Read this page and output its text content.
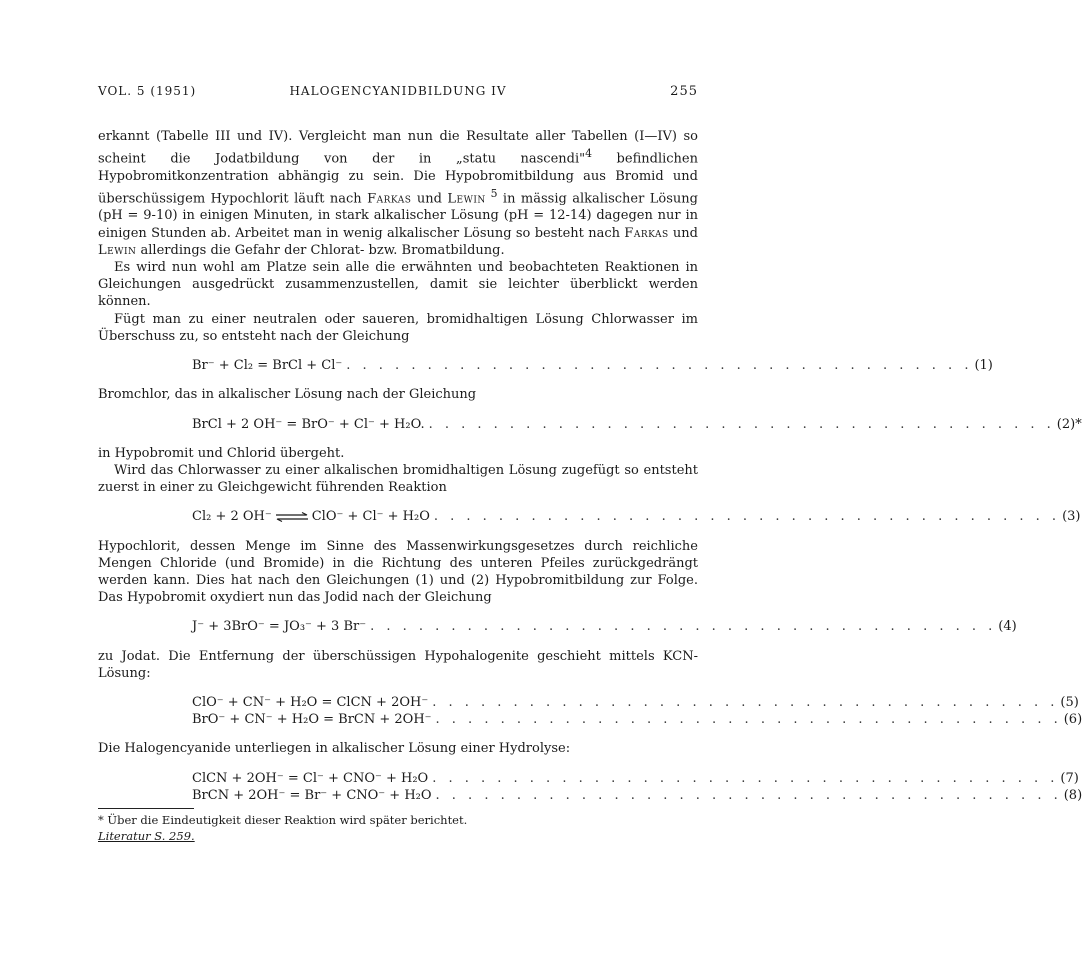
VOL. 5 (1951)	HALOGENCYANIDBILDUNG IV	255

erkannt (Tabelle III und IV). Vergleicht man nun die Resultate aller Tabellen (I—IV) so scheint die Jodatbildung von der in „statu nascendi"$^4$ befindlichen Hypobromitkonzentration abhängig zu sein. Die Hypobromitbildung aus Bromid und überschüssigem Hypochlorit läuft nach Farkas und Lewin $^5$ in mässig alkalischer Lösung (pH = 9-10) in einigen Minuten, in stark alkalischer Lösung (pH = 12-14) dagegen nur in einigen Stunden ab. Arbeitet man in wenig alkalischer Lösung so besteht nach Farkas und Lewin allerdings die Gefahr der Chlorat- bzw. Bromatbildung.

Es wird nun wohl am Platze sein alle die erwähnten und beobachteten Reaktionen in Gleichungen ausgedrückt zusammenzustellen, damit sie leichter überblickt werden können.

Fügt man zu einer neutralen oder saueren, bromidhaltigen Lösung Chlorwasser im Überschuss zu, so entsteht nach der Gleichung

Br⁻ + Cl₂ = BrCl + Cl⁻ . . . . . . . . . . . . . . . . . . . . . . . . . . . . . . . . . . . . . . . (1)

Bromchlor, das in alkalischer Lösung nach der Gleichung

BrCl + 2 OH⁻ = BrO⁻ + Cl⁻ + H₂O. . . . . . . . . . . . . . . . . . . . . . . . . . . . . . . . . . . . . . . . (2)*

in Hypobromit und Chlorid übergeht.

Wird das Chlorwasser zu einer alkalischen bromidhaltigen Lösung zugefügt so entsteht zuerst in einer zu Gleichgewicht führenden Reaktion

Cl₂ + 2 OH⁻ ⇌ ClO⁻ + Cl⁻ + H₂O . . . . . . . . . . . . . . . . . . . . . . . . . . . . . . . . . . . . . . . (3)

Hypochlorit, dessen Menge im Sinne des Massenwirkungsgesetzes durch reichliche Mengen Chloride (und Bromide) in die Richtung des unteren Pfeiles zurückgedrängt werden kann. Dies hat nach den Gleichungen (1) und (2) Hypobromitbildung zur Folge. Das Hypobromit oxydiert nun das Jodid nach der Gleichung

J⁻ + 3BrO⁻ = JO₃⁻ + 3 Br⁻ . . . . . . . . . . . . . . . . . . . . . . . . . . . . . . . . . . . . . . . (4)

zu Jodat. Die Entfernung der überschüssigen Hypohalogenite geschieht mittels KCN-Lösung:

ClO⁻ + CN⁻ + H₂O = ClCN + 2OH⁻ . . . . . . . . . . . . . . . . . . . . . . . . . . . . . . . . . . . . . . . (5)
BrO⁻ + CN⁻ + H₂O = BrCN + 2OH⁻ . . . . . . . . . . . . . . . . . . . . . . . . . . . . . . . . . . . . . . . (6)

Die Halogencyanide unterliegen in alkalischer Lösung einer Hydrolyse:

ClCN + 2OH⁻ = Cl⁻ + CNO⁻ + H₂O . . . . . . . . . . . . . . . . . . . . . . . . . . . . . . . . . . . . . . . (7)
BrCN + 2OH⁻ = Br⁻ + CNO⁻ + H₂O . . . . . . . . . . . . . . . . . . . . . . . . . . . . . . . . . . . . . . . (8)

* Über die Eindeutigkeit dieser Reaktion wird später berichtet.

Literatur S. 259.
